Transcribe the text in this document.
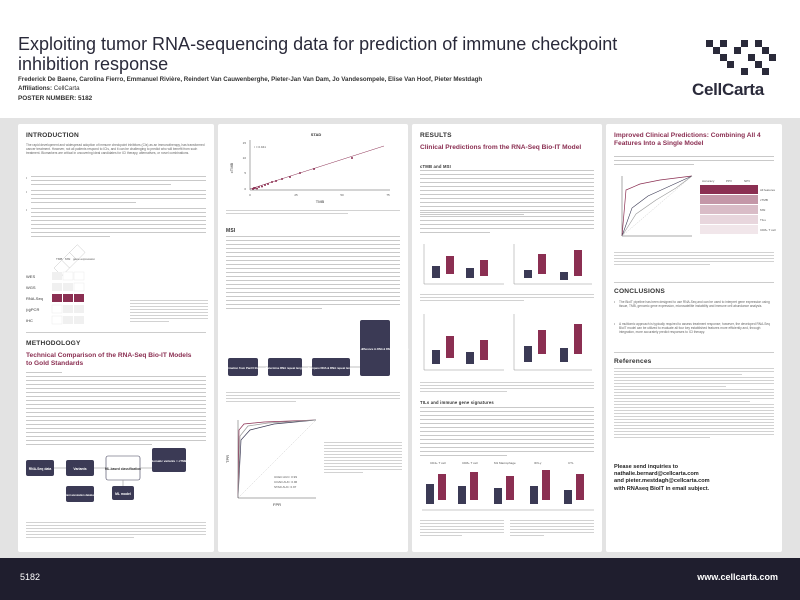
Exploiting tumor RNA-sequencing data for prediction of immune checkpoint inhibition response
Frederick De Baene, Carolina Fierro, Emmanuel Rivière, Reindert Van Cauwenberghe, Pieter-Jan Van Dam, Jo Vandesompele, Elise Van Hoof, Pieter Mestdagh
Affiliations: CellCarta
POSTER NUMBER: 5182	CellCarta
INTRODUCTION
The rapid development and widespread adoption of immune checkpoint inhibitors (CIs) as an immunotherapy, has transformed cancer treatment. However, not all patients respond to ICIs, and it can be challenging to predict who will benefit from such treatment. Biomarkers are critical in uncovering ideal candidates for ICI therapy, alternatives, or novel combinations.
•
•
•
TMB MSI gene expression
WES
WGS
RNA-Seq
(q)PCR
IHC
METHODOLOGY
Technical Comparison of the RNA-Seq Bio-IT Models to Gold Standards
RNA-Seq data	Variants	ML-based classification
Somatic variants = cTMB
Variant annotation databases	ML model
STAD
r = 0.941
15
10
5
0
0	25	50	75
TMB
cTMB
MSI
Information from PanCl library Determine RNA repeat length Compare DNA & RNA repeat length
Assess MSI via difference in DNA & RNA repeat length
UCEC AUC: 0.99
COAD AUC: 0.96
STAD AUC: 0.97
FPR
TPR
RESULTS
Clinical Predictions from the RNA-Seq Bio-IT Model
cTMB and MSI
TILs and immune gene signatures
CD4+ T cell	CD8+ T cell	M1 Macrophage	IFN-γ	CTL
Improved Clinical Predictions: Combining All 4 Features Into a Single Model
Accuracy	PPV	NPV
All features
cTMB
MSI
TILs
CD8+ T cell
CONCLUSIONS
• The BioIT pipeline has been designed to use RNA-Seq and can be used to interpret gene expression using tissue, TMB, genomic gene expression, microsatellite instability and immune cell abundance analysis.
• A multiomic approach is typically required to assess treatment response; however, the developed RNA-Seq BioIT model can be utilized to evaluate all four key established features more efficiently and, through integration, more accurately predict responses to ICI therapy.
References
Please send inquiries to
nathalie.bernard@cellcarta.com
and pieter.mestdagh@cellcarta.com
with RNAseq BioIT in email subject.
5182	www.cellcarta.com
